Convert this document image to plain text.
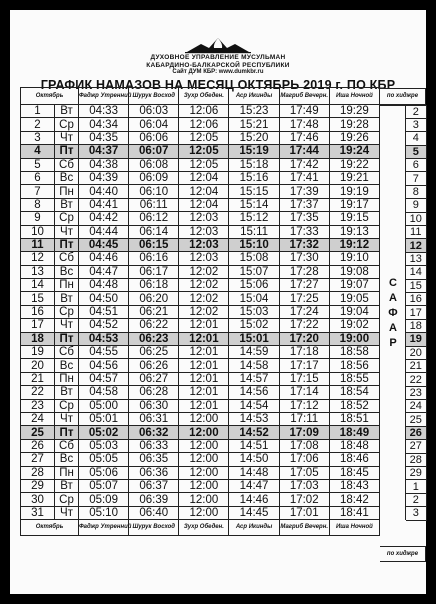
ДУХОВНОЕ УПРАВЛЕНИЕ МУСУЛЬМАН
КАБАРДИНО-БАЛКАРСКОЙ РЕСПУБЛИКИ
Сайт ДУМ КБР: www.dumkbr.ru
ГРАФИК НАМАЗОВ НА МЕСЯЦ ОКТЯБРЬ 2019 г. ПО КБР
Октябрь		Фаджр Утренний	Шурук Восход	Зухр Обеден.	Аср Икинды	Магриб Вечерн.	Иша Ночной
1	Вт	04:33	06:03	12:06	15:23	17:49	19:29
2	Ср	04:34	06:04	12:06	15:21	17:48	19:28
3	Чт	04:35	06:06	12:05	15:20	17:46	19:26
4	Пт	04:37	06:07	12:05	15:19	17:44	19:24
5	Сб	04:38	06:08	12:05	15:18	17:42	19:22
6	Вс	04:39	06:09	12:04	15:16	17:41	19:21
7	Пн	04:40	06:10	12:04	15:15	17:39	19:19
8	Вт	04:41	06:11	12:04	15:14	17:37	19:17
9	Ср	04:42	06:12	12:03	15:12	17:35	19:15
10	Чт	04:44	06:14	12:03	15:11	17:33	19:13
11	Пт	04:45	06:15	12:03	15:10	17:32	19:12
12	Сб	04:46	06:16	12:03	15:08	17:30	19:10
13	Вс	04:47	06:17	12:02	15:07	17:28	19:08
14	Пн	04:48	06:18	12:02	15:06	17:27	19:07
15	Вт	04:50	06:20	12:02	15:04	17:25	19:05
16	Ср	04:51	06:21	12:02	15:03	17:24	19:04
17	Чт	04:52	06:22	12:01	15:02	17:22	19:02
18	Пт	04:53	06:23	12:01	15:01	17:20	19:00
19	Сб	04:55	06:25	12:01	14:59	17:18	18:58
20	Вс	04:56	06:26	12:01	14:58	17:17	18:56
21	Пн	04:57	06:27	12:01	14:57	17:15	18:55
22	Вт	04:58	06:28	12:01	14:56	17:14	18:54
23	Ср	05:00	06:30	12:01	14:54	17:12	18:52
24	Чт	05:01	06:31	12:00	14:53	17:11	18:51
25	Пт	05:02	06:32	12:00	14:52	17:09	18:49
26	Сб	05:03	06:33	12:00	14:51	17:08	18:48
27	Вс	05:05	06:35	12:00	14:50	17:06	18:46
28	Пн	05:06	06:36	12:00	14:48	17:05	18:45
29	Вт	05:07	06:37	12:00	14:47	17:03	18:43
30	Ср	05:09	06:39	12:00	14:46	17:02	18:42
31	Чт	05:10	06:40	12:00	14:45	17:01	18:41
Октябрь		Фаджр Утренний	Шурук Восход	Зухр Обеден.	Аср Икинды	Магриб Вечерн.	Иша Ночной
по хиджре
С
А
Ф
А
Р
2
3
4
5
6
7
8
9
10
11
12
13
14
15
16
17
18
19
20
21
22
23
24
25
26
27
28
29
1
2
3
по хиджре
